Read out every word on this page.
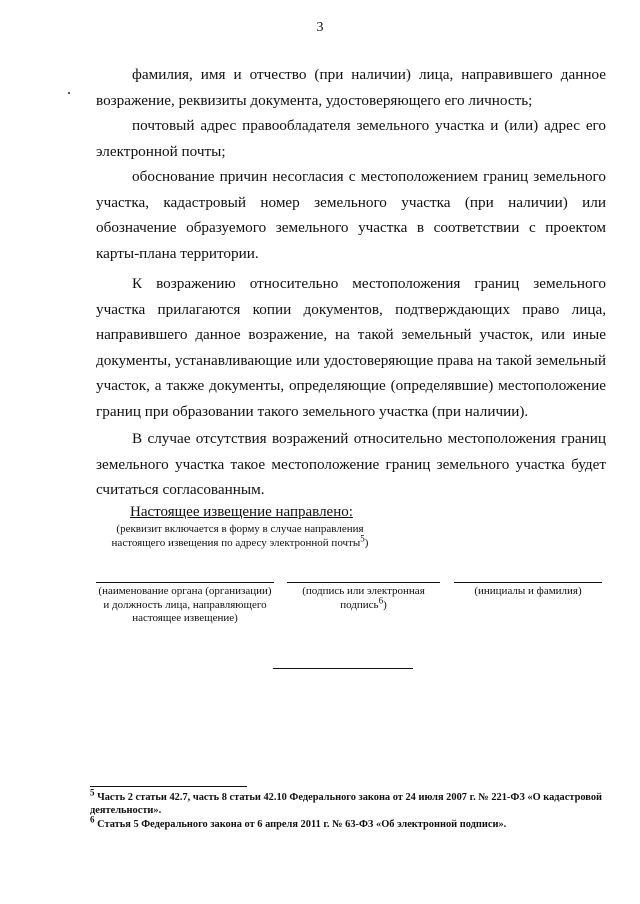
3
фамилия, имя и отчество (при наличии) лица, направившего данное возражение, реквизиты документа, удостоверяющего его личность;
почтовый адрес правообладателя земельного участка и (или) адрес его электронной почты;
обоснование причин несогласия с местоположением границ земельного участка, кадастровый номер земельного участка (при наличии) или обозначение образуемого земельного участка в соответствии с проектом карты-плана территории.
К возражению относительно местоположения границ земельного участка прилагаются копии документов, подтверждающих право лица, направившего данное возражение, на такой земельный участок, или иные документы, устанавливающие или удостоверяющие права на такой земельный участок, а также документы, определяющие (определявшие) местоположение границ при образовании такого земельного участка (при наличии).
В случае отсутствия возражений относительно местоположения границ земельного участка такое местоположение границ земельного участка будет считаться согласованным.
Настоящее извещение направлено:
(реквизит включается в форму в случае направления настоящего извещения по адресу электронной почты$^5$)
(наименование органа (организации) и должность лица, направляющего настоящее извещение)
(подпись или электронная подпись$^6$)
(инициалы и фамилия)
5 Часть 2 статьи 42.7, часть 8 статьи 42.10 Федерального закона от 24 июля 2007 г. № 221-ФЗ «О кадастровой деятельности».
6 Статья 5 Федерального закона от 6 апреля 2011 г. № 63-ФЗ «Об электронной подписи».
